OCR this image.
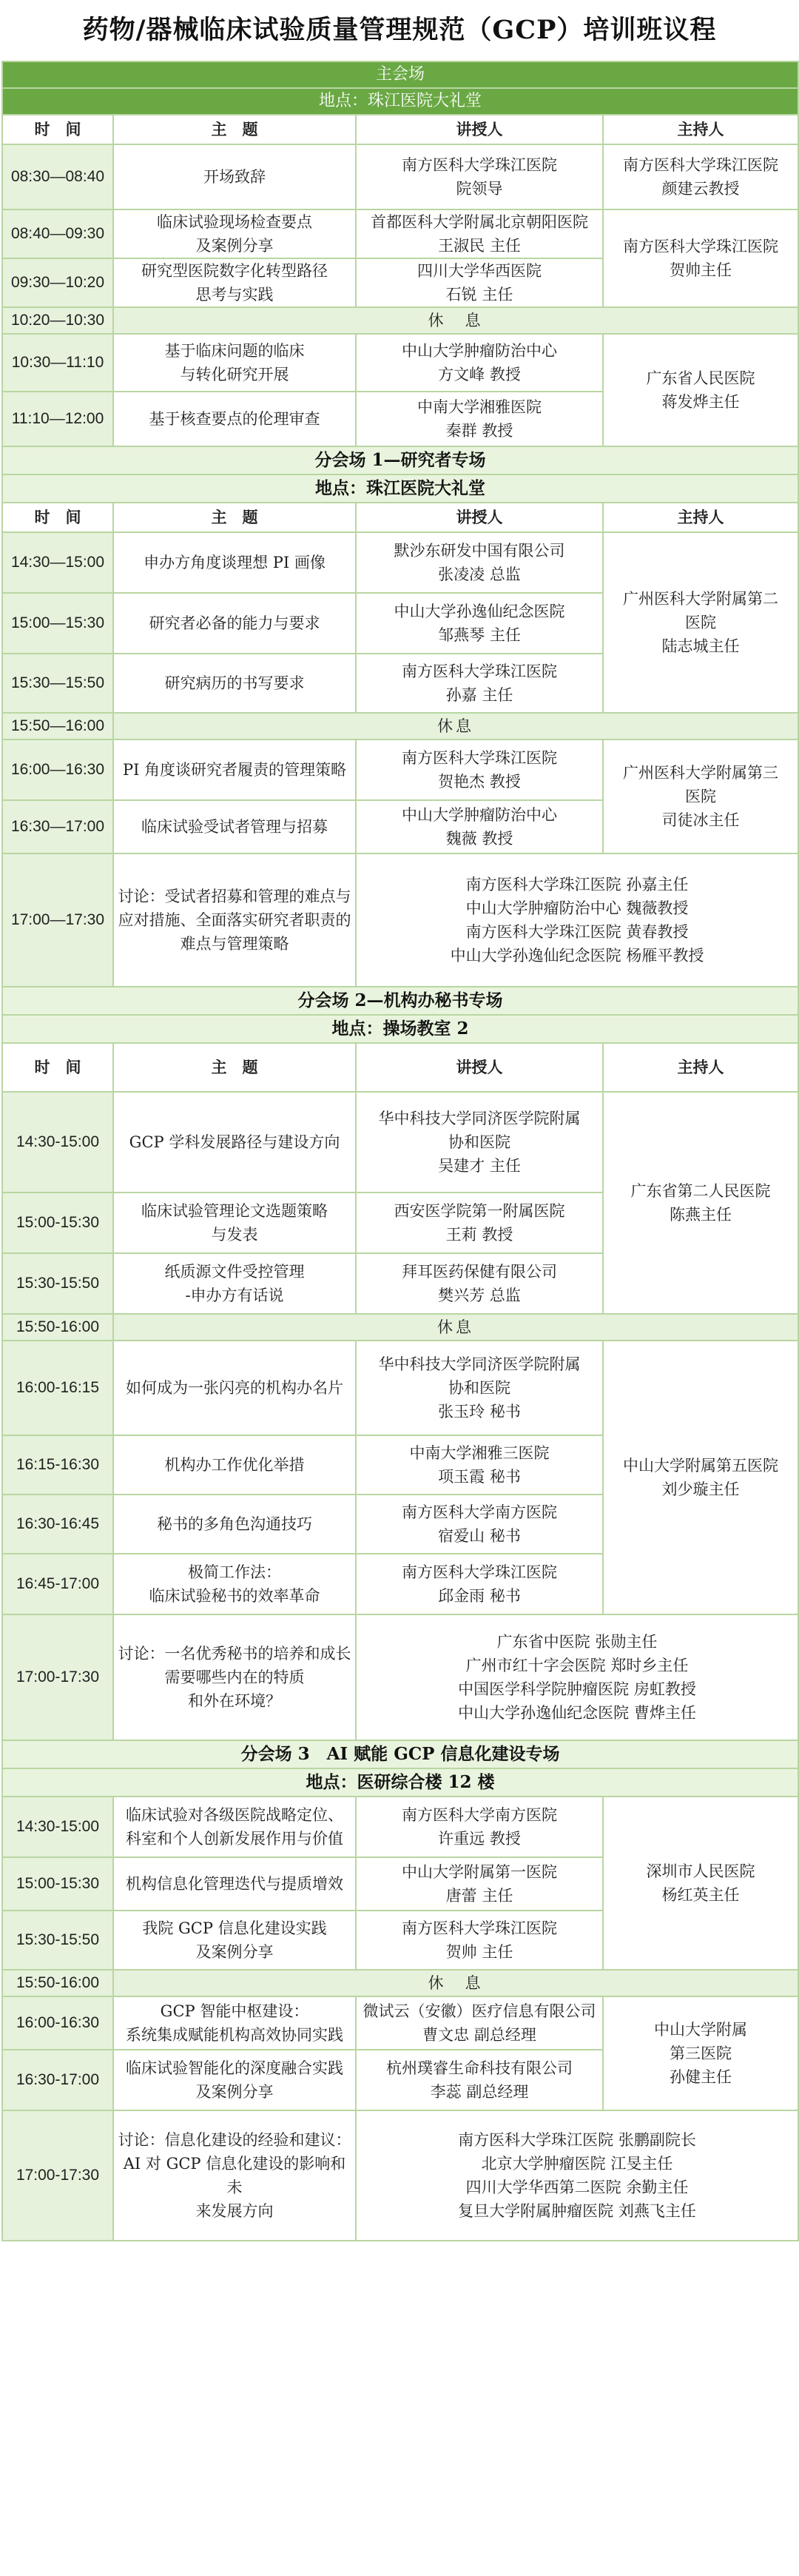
药物/器械临床试验质量管理规范（GCP）培训班议程
主会场			
地点：珠江医院大礼堂			
时　间	主　题	讲授人	主持人
08:30—08:40	开场致辞	南方医科大学珠江医院
院领导	南方医科大学珠江医院
颜建云教授

08:40—09:30	临床试验现场检查要点
及案例分享	首都医科大学附属北京朝阳医院
王淑民 主任	南方医科大学珠江医院
贺帅主任

09:30—10:20	研究型医院数字化转型路径
思考与实践	四川大学华西医院
石锐 主任	

10:20—10:30	休　息		
10:30—11:10	基于临床问题的临床
与转化研究开展	中山大学肿瘤防治中心
方文峰 教授	广东省人民医院
蒋发烨主任

11:10—12:00	基于核查要点的伦理审查	中南大学湘雅医院
秦群 教授	

分会场 1—研究者专场			
地点：珠江医院大礼堂			
时　间	主　题	讲授人	主持人
14:30—15:00	申办方角度谈理想 PI 画像	默沙东研发中国有限公司
张凌凌 总监	广州医科大学附属第二
医院
陆志城主任

15:00—15:30	研究者必备的能力与要求	中山大学孙逸仙纪念医院
邹燕琴 主任	

15:30—15:50	研究病历的书写要求	南方医科大学珠江医院
孙嘉 主任	

15:50—16:00	休息		
16:00—16:30	PI 角度谈研究者履责的管理策略	南方医科大学珠江医院
贺艳杰 教授	广州医科大学附属第三
医院
司徒冰主任

16:30—17:00	临床试验受试者管理与招募	中山大学肿瘤防治中心
魏薇 教授	

17:00—17:30	讨论：受试者招募和管理的难点与
应对措施、全面落实研究者职责的
难点与管理策略	南方医科大学珠江医院 孙嘉主任
中山大学肿瘤防治中心 魏薇教授
南方医科大学珠江医院 黄春教授
中山大学孙逸仙纪念医院 杨雁平教授	

分会场 2—机构办秘书专场			
地点：操场教室 2			
时　间	主　题	讲授人	主持人
14:30-15:00	GCP 学科发展路径与建设方向	华中科技大学同济医学院附属
协和医院
吴建才 主任	广东省第二人民医院
陈燕主任

15:00-15:30	临床试验管理论文选题策略
与发表	西安医学院第一附属医院
王莉 教授	

15:30-15:50	纸质源文件受控管理
-申办方有话说	拜耳医药保健有限公司
樊兴芳 总监	

15:50-16:00	休息		
16:00-16:15	如何成为一张闪亮的机构办名片	华中科技大学同济医学院附属
协和医院
张玉玲 秘书	中山大学附属第五医院
刘少璇主任

16:15-16:30	机构办工作优化举措	中南大学湘雅三医院
项玉霞 秘书	

16:30-16:45	秘书的多角色沟通技巧	南方医科大学南方医院
宿爱山 秘书	

16:45-17:00	极简工作法：
临床试验秘书的效率革命	南方医科大学珠江医院
邱金雨 秘书	

17:00-17:30	讨论：一名优秀秘书的培养和成长
需要哪些内在的特质
和外在环境？	广东省中医院 张勋主任
广州市红十字会医院 郑时乡主任
中国医学科学院肿瘤医院 房虹教授
中山大学孙逸仙纪念医院 曹烨主任	

分会场 3　AI 赋能 GCP 信息化建设专场			
地点：医研综合楼 12 楼			
14:30-15:00	临床试验对各级医院战略定位、
科室和个人创新发展作用与价值	南方医科大学南方医院
许重远 教授	深圳市人民医院
杨红英主任

15:00-15:30	机构信息化管理迭代与提质增效	中山大学附属第一医院
唐蕾 主任	

15:30-15:50	我院 GCP 信息化建设实践
及案例分享	南方医科大学珠江医院
贺帅 主任	

15:50-16:00	休　息		
16:00-16:30	GCP 智能中枢建设：
系统集成赋能机构高效协同实践	微试云（安徽）医疗信息有限公司
曹文忠 副总经理	中山大学附属
第三医院
孙健主任

16:30-17:00	临床试验智能化的深度融合实践
及案例分享	杭州璞睿生命科技有限公司
李蕊 副总经理	

17:00-17:30	讨论：信息化建设的经验和建议：
AI 对 GCP 信息化建设的影响和未
来发展方向	南方医科大学珠江医院 张鹏副院长
北京大学肿瘤医院 江旻主任
四川大学华西第二医院 余勤主任
复旦大学附属肿瘤医院 刘燕飞主任	
